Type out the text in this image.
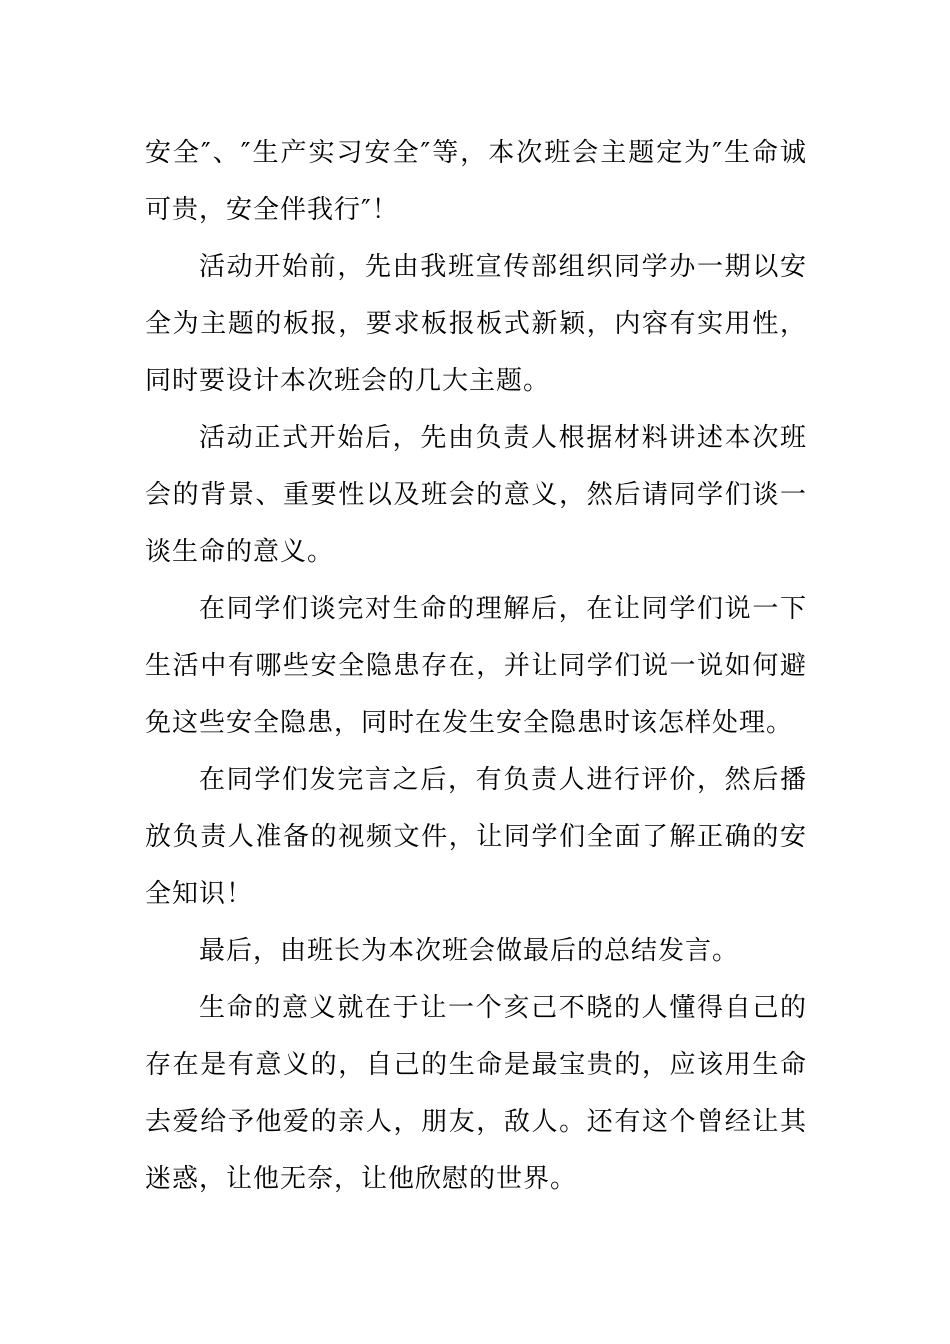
安全″、″生产实习安全″等，本次班会主题定为″生命诚可贵，安全伴我行″！

活动开始前，先由我班宣传部组织同学办一期以安全为主题的板报，要求板报板式新颖，内容有实用性，同时要设计本次班会的几大主题。

活动正式开始后，先由负责人根据材料讲述本次班会的背景、重要性以及班会的意义，然后请同学们谈一谈生命的意义。

在同学们谈完对生命的理解后，在让同学们说一下生活中有哪些安全隐患存在，并让同学们说一说如何避免这些安全隐患，同时在发生安全隐患时该怎样处理。

在同学们发完言之后，有负责人进行评价，然后播放负责人准备的视频文件，让同学们全面了解正确的安全知识！

最后，由班长为本次班会做最后的总结发言。

生命的意义就在于让一个亥己不晓的人懂得自己的存在是有意义的，自己的生命是最宝贵的，应该用生命去爱给予他爱的亲人，朋友，敌人。还有这个曾经让其迷惑，让他无奈，让他欣慰的世界。
